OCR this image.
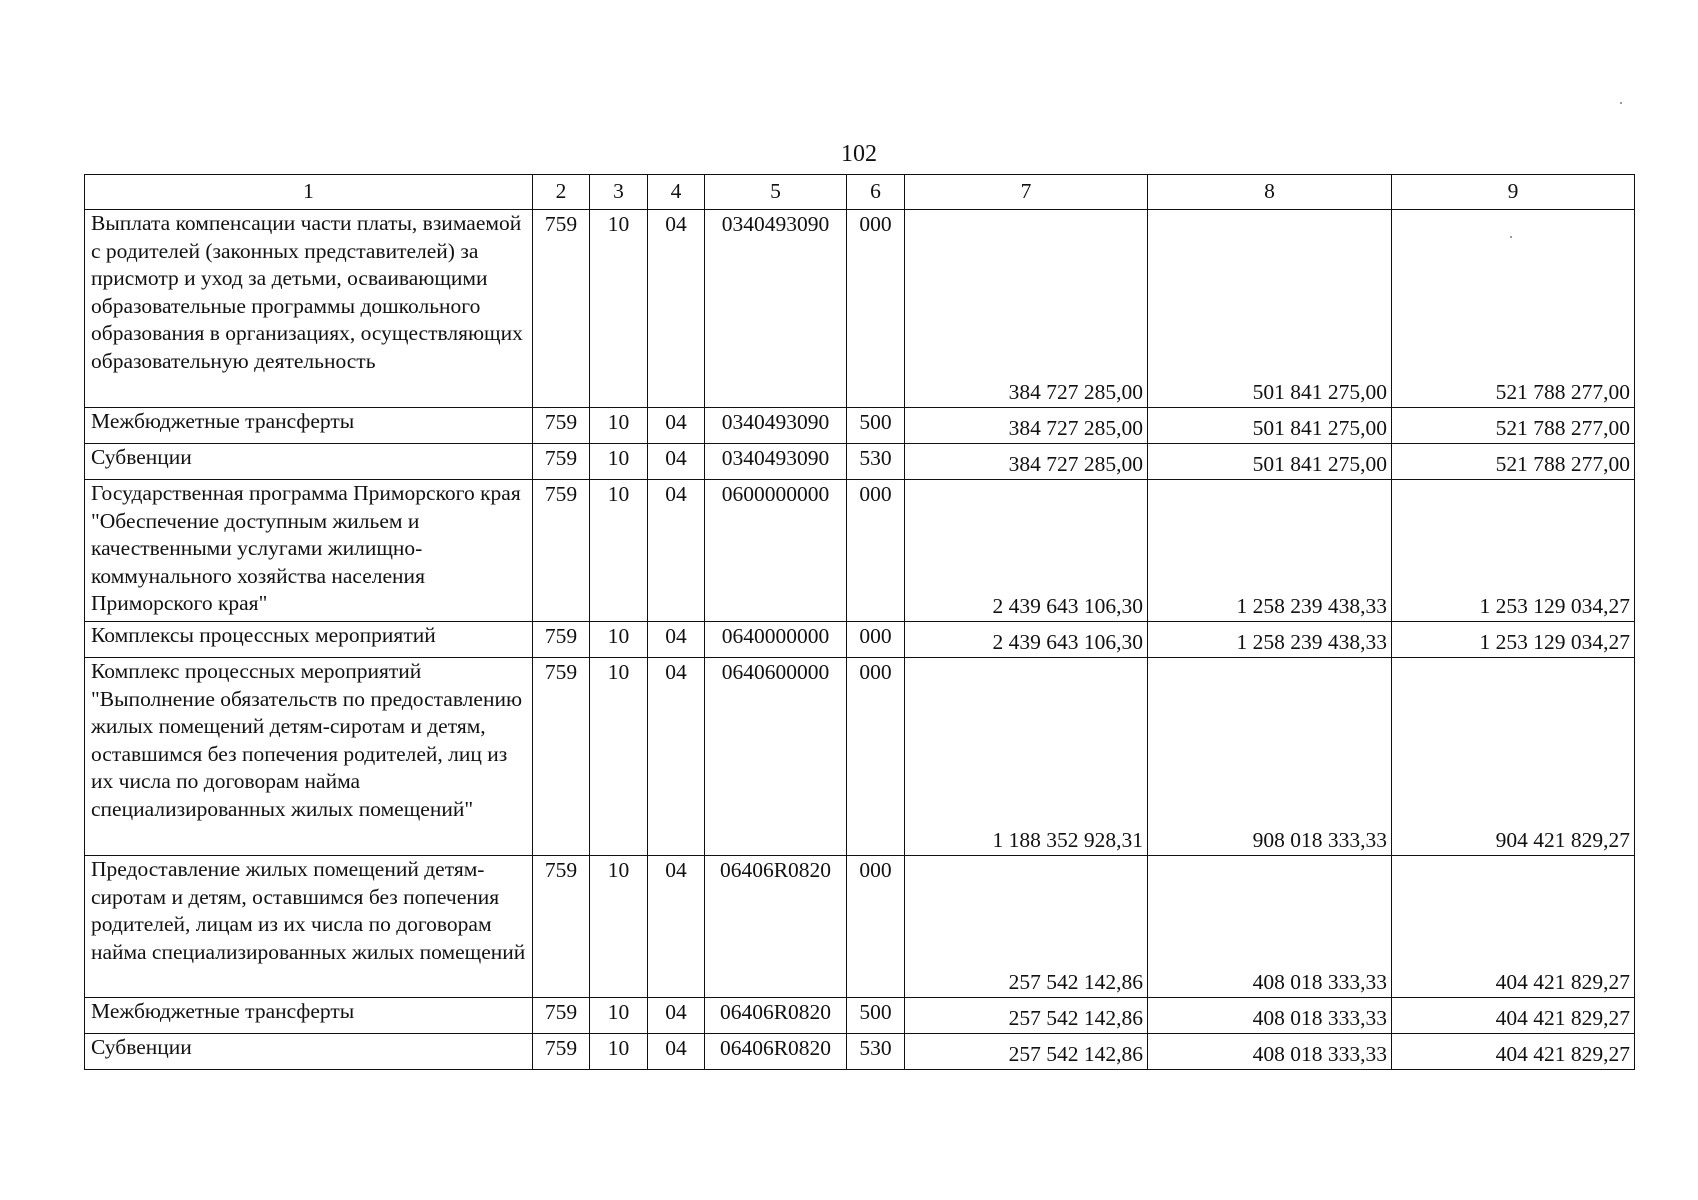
102
1	2	3	4	5	6	7	8	9
Выплата компенсации части платы, взимаемой с родителей (законных представителей) за присмотр и уход за детьми, осваивающими образовательные программы дошкольного образования в организациях, осуществляющих образовательную деятельность	759	10	04	0340493090	000	384 727 285,00	501 841 275,00	521 788 277,00
Межбюджетные трансферты	759	10	04	0340493090	500	384 727 285,00	501 841 275,00	521 788 277,00
Субвенции	759	10	04	0340493090	530	384 727 285,00	501 841 275,00	521 788 277,00
Государственная программа Приморского края "Обеспечение доступным жильем и качественными услугами жилищно-коммунального хозяйства населения Приморского края"	759	10	04	0600000000	000	2 439 643 106,30	1 258 239 438,33	1 253 129 034,27
Комплексы процессных мероприятий	759	10	04	0640000000	000	2 439 643 106,30	1 258 239 438,33	1 253 129 034,27
Комплекс процессных мероприятий "Выполнение обязательств по предоставлению жилых помещений детям-сиротам и детям, оставшимся без попечения родителей, лиц из их числа по договорам найма специализированных жилых помещений"	759	10	04	0640600000	000	1 188 352 928,31	908 018 333,33	904 421 829,27
Предоставление жилых помещений детям-сиротам и детям, оставшимся без попечения родителей, лицам из их числа по договорам найма специализированных жилых помещений	759	10	04	06406R0820	000	257 542 142,86	408 018 333,33	404 421 829,27
Межбюджетные трансферты	759	10	04	06406R0820	500	257 542 142,86	408 018 333,33	404 421 829,27
Субвенции	759	10	04	06406R0820	530	257 542 142,86	408 018 333,33	404 421 829,27
